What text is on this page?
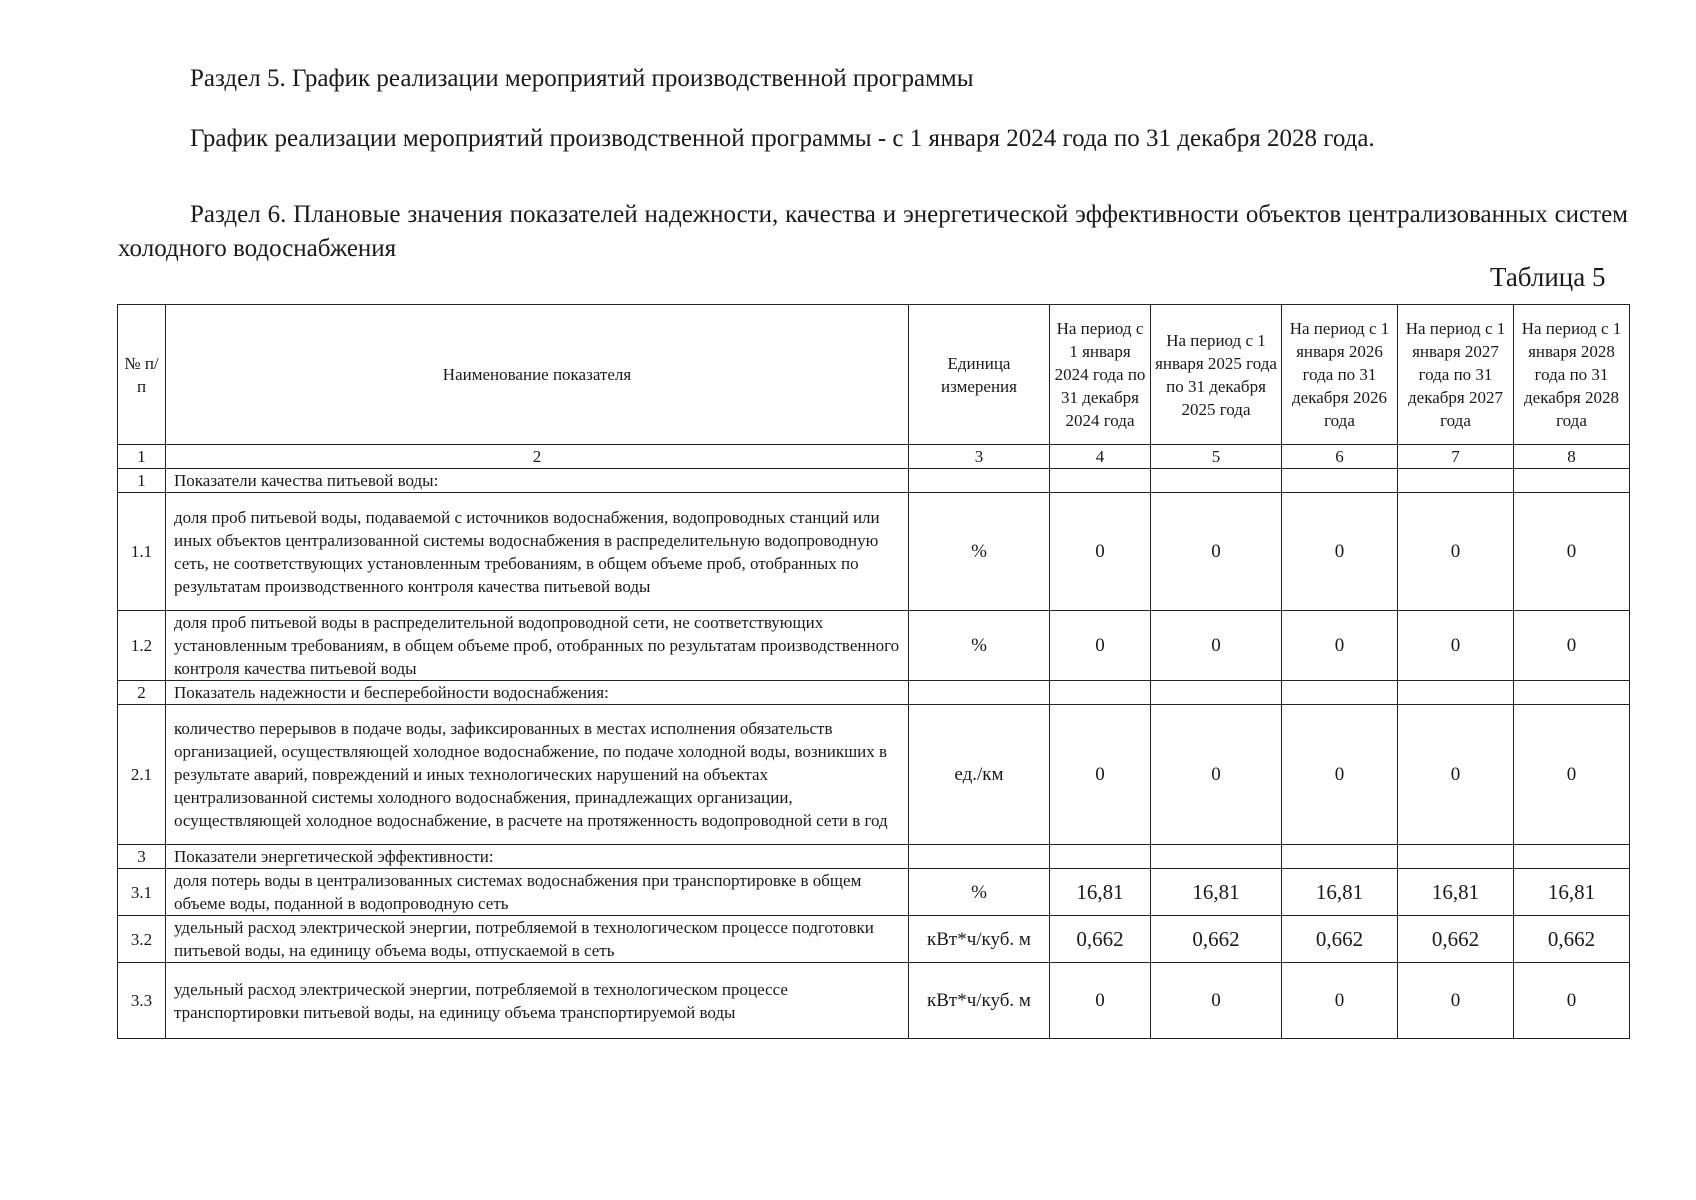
Раздел 5. График реализации мероприятий производственной программы
График реализации мероприятий производственной программы - с 1 января 2024 года по 31 декабря 2028 года.
Раздел 6. Плановые значения показателей надежности, качества и энергетической эффективности объектов централизованных систем холодного водоснабжения
Таблица 5
№ п/ п	Наименование показателя	Единица измерения	На период с 1 января 2024 года по 31 декабря 2024 года	На период с 1 января 2025 года по 31 декабря 2025 года	На период с 1 января 2026 года по 31 декабря 2026 года	На период с 1 января 2027 года по 31 декабря 2027 года	На период с 1 января 2028 года по 31 декабря 2028 года
1	2	3	4	5	6	7	8
1	Показатели качества питьевой воды:						
1.1	доля проб питьевой воды, подаваемой с источников водоснабжения, водопроводных станций или иных объектов централизованной системы водоснабжения в распределительную водопроводную сеть, не соответствующих установленным требованиям, в общем объеме проб, отобранных по результатам производственного контроля качества питьевой воды	%	0	0	0	0	0
1.2	доля проб питьевой воды в распределительной водопроводной сети, не соответствующих установленным требованиям, в общем объеме проб, отобранных по результатам производственного контроля качества питьевой воды	%	0	0	0	0	0
2	Показатель надежности и бесперебойности водоснабжения:						
2.1	количество перерывов в подаче воды, зафиксированных в местах исполнения обязательств организацией, осуществляющей холодное водоснабжение, по подаче холодной воды, возникших в результате аварий, повреждений и иных технологических нарушений на объектах централизованной системы холодного водоснабжения, принадлежащих организации, осуществляющей холодное водоснабжение, в расчете на протяженность водопроводной сети в год	ед./км	0	0	0	0	0
3	Показатели энергетической эффективности:						
3.1	доля потерь воды в централизованных системах водоснабжения при транспортировке в общем объеме воды, поданной в водопроводную сеть	%	16,81	16,81	16,81	16,81	16,81
3.2	удельный расход электрической энергии, потребляемой в технологическом процессе подготовки питьевой воды, на единицу объема воды, отпускаемой в сеть	кВт*ч/куб. м	0,662	0,662	0,662	0,662	0,662
3.3	удельный расход электрической энергии, потребляемой в технологическом процессе транспортировки питьевой воды, на единицу объема транспортируемой воды	кВт*ч/куб. м	0	0	0	0	0
